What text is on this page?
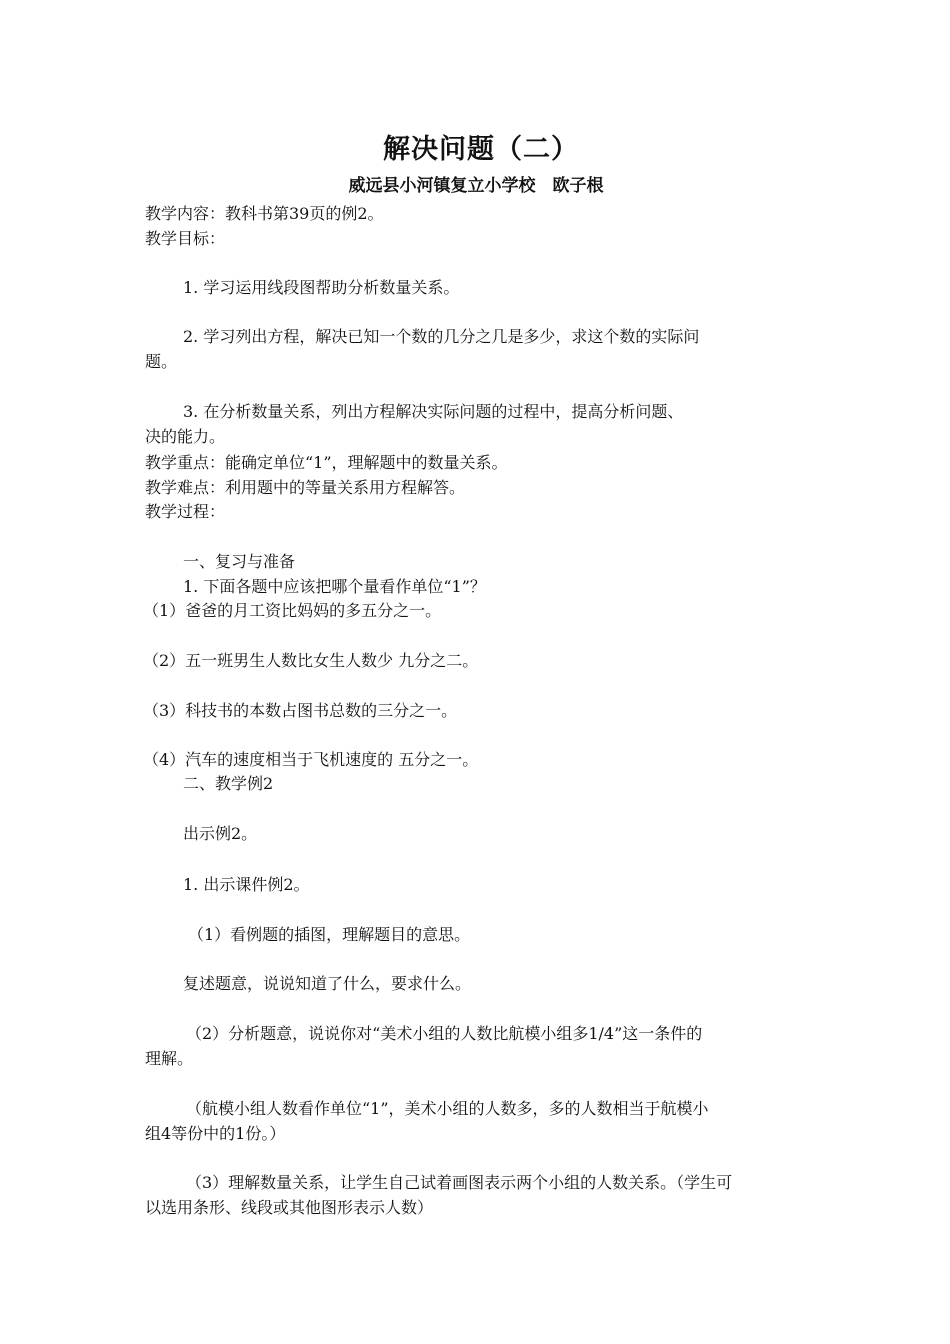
解决问题（二）
威远县小河镇复立小学校　欧子根
教学内容：教科书第39页的例2。
教学目标：
1. 学习运用线段图帮助分析数量关系。
2. 学习列出方程，解决已知一个数的几分之几是多少，求这个数的实际问
题。
3. 在分析数量关系，列出方程解决实际问题的过程中，提高分析问题、
决的能力。
教学重点：能确定单位“1”，理解题中的数量关系。
教学难点：利用题中的等量关系用方程解答。
教学过程：
一、复习与准备
1. 下面各题中应该把哪个量看作单位“1”？
（1）爸爸的月工资比妈妈的多五分之一。
（2）五一班男生人数比女生人数少 九分之二。
（3）科技书的本数占图书总数的三分之一。
（4）汽车的速度相当于飞机速度的 五分之一。
二、教学例2
出示例2。
1. 出示课件例2。
（1）看例题的插图，理解题目的意思。
复述题意，说说知道了什么，要求什么。
（2）分析题意，说说你对“美术小组的人数比航模小组多1/4”这一条件的
理解。
（航模小组人数看作单位“1”，美术小组的人数多，多的人数相当于航模小
组4等份中的1份。）
（3）理解数量关系，让学生自己试着画图表示两个小组的人数关系。（学生可
以选用条形、线段或其他图形表示人数）
